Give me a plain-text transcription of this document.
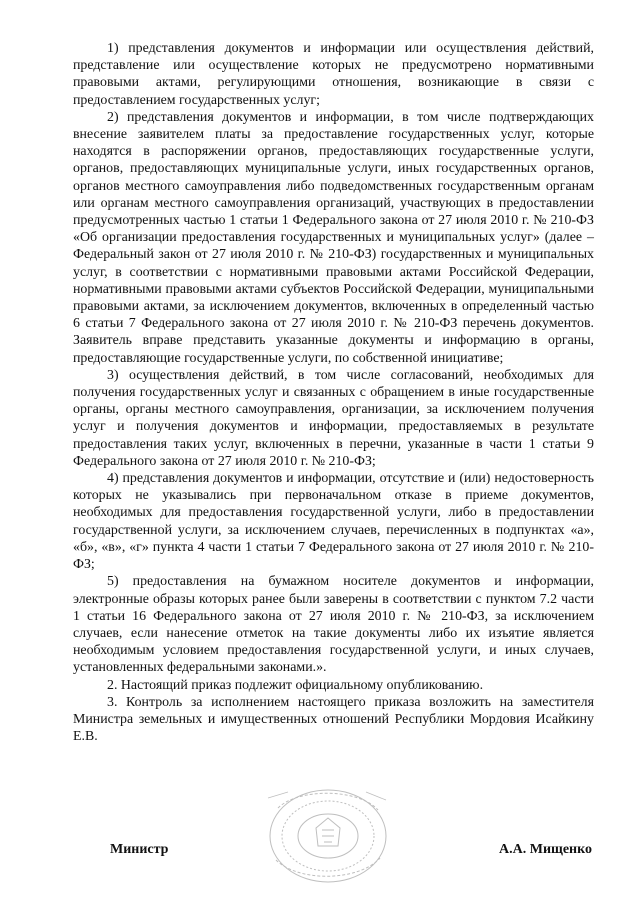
1) представления документов и информации или осуществления действий, представление или осуществление которых не предусмотрено нормативными правовыми актами, регулирующими отношения, возникающие в связи с предоставлением государственных услуг;

2) представления документов и информации, в том числе подтверждающих внесение заявителем платы за предоставление государственных услуг, которые находятся в распоряжении органов, предоставляющих государственные услуги, органов, предоставляющих муниципальные услуги, иных государственных органов, органов местного самоуправления либо подведомственных государственным органам или органам местного самоуправления организаций, участвующих в предоставлении предусмотренных частью 1 статьи 1 Федерального закона от 27 июля 2010 г. № 210-ФЗ «Об организации предоставления государственных и муниципальных услуг» (далее – Федеральный закон от 27 июля 2010 г. № 210-ФЗ) государственных и муниципальных услуг, в соответствии с нормативными правовыми актами Российской Федерации, нормативными правовыми актами субъектов Российской Федерации, муниципальными правовыми актами, за исключением документов, включенных в определенный частью 6 статьи 7 Федерального закона от 27 июля 2010 г. № 210-ФЗ перечень документов. Заявитель вправе представить указанные документы и информацию в органы, предоставляющие государственные услуги, по собственной инициативе;

3) осуществления действий, в том числе согласований, необходимых для получения государственных услуг и связанных с обращением в иные государственные органы, органы местного самоуправления, организации, за исключением получения услуг и получения документов и информации, предоставляемых в результате предоставления таких услуг, включенных в перечни, указанные в части 1 статьи 9 Федерального закона от 27 июля 2010 г. № 210-ФЗ;

4) представления документов и информации, отсутствие и (или) недостоверность которых не указывались при первоначальном отказе в приеме документов, необходимых для предоставления государственной услуги, либо в предоставлении государственной услуги, за исключением случаев, перечисленных в подпунктах «а», «б», «в», «г» пункта 4 части 1 статьи 7 Федерального закона от 27 июля 2010 г. № 210-ФЗ;

5) предоставления на бумажном носителе документов и информации, электронные образы которых ранее были заверены в соответствии с пунктом 7.2 части 1 статьи 16 Федерального закона от 27 июля 2010 г. № 210-ФЗ, за исключением случаев, если нанесение отметок на такие документы либо их изъятие является необходимым условием предоставления государственной услуги, и иных случаев, установленных федеральными законами.».

2. Настоящий приказ подлежит официальному опубликованию.

3. Контроль за исполнением настоящего приказа возложить на заместителя Министра земельных и имущественных отношений Республики Мордовия Исайкину Е.В.

Министр	А.А. Мищенко
